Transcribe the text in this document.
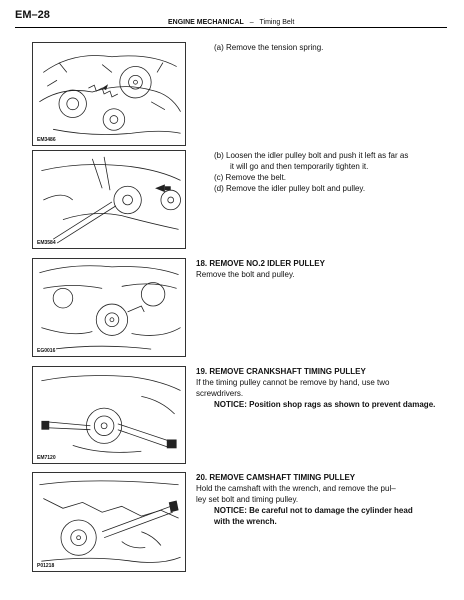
EM–28
ENGINE MECHANICAL – Timing Belt
EM3486
EM3584
EG0016
EM7120
P01218
(a) Remove the tension spring.
(b) Loosen the idler pulley bolt and push it left as far as
it will go and then temporarily tighten it.
(c) Remove the belt.
(d) Remove the idler pulley bolt and pulley.
18. REMOVE NO.2 IDLER PULLEY
Remove the bolt and pulley.
19. REMOVE CRANKSHAFT TIMING PULLEY
If the timing pulley cannot be remove by hand, use two
screwdrivers.
NOTICE: Position shop rags as shown to prevent damage.
20. REMOVE CAMSHAFT TIMING PULLEY
Hold the camshaft with the wrench, and remove the pul–
ley set bolt and timing pulley.
NOTICE: Be careful not to damage the cylinder head
with the wrench.
